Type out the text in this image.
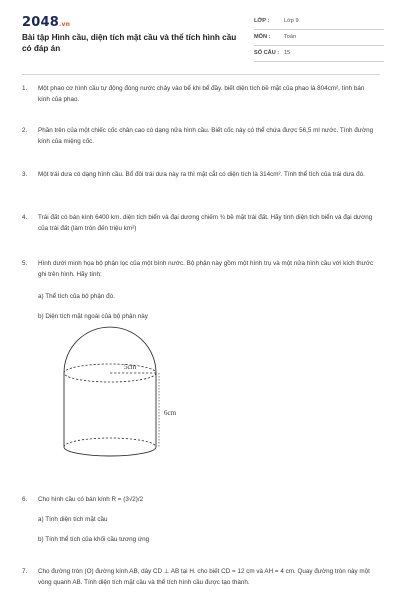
2048.vn
Bài tập Hình cầu, diện tích mặt cầu và thể tích hình cầu có đáp án
LỚP :	Lớp 9
MÔN : Toán
SỐ CÂU : 15
1. Một phao cơ hình cầu tự động đóng nước chảy vào bể khi bể đầy. biết diện tích bề mặt của phao là 804cm², tính bán kính của phao.
2. Phần trên của một chiếc cốc chân cao có dạng nửa hình cầu. Biết cốc này có thể chứa được 56,5 ml nước. Tính đường kính của miệng cốc.
3. Một trái dưa có dạng hình cầu. Bổ đôi trái dưa này ra thì mặt cắt có diện tích là 314cm². Tính thể tích của trái dưa đó.
4. Trái đất có bán kính 6400 km. diện tích biển và đại dương chiếm ¾ bề mặt trái đất. Hãy tính diện tích biển và đại dương của trái đất (làm tròn đến triệu km²)
5. Hình dưới minh họa bộ phận lọc của một bình nước. Bộ phận này gồm một hình trụ và một nửa hình cầu với kích thước ghi trên hình. Hãy tính:
a) Thể tích của bộ phận đó.
b) Diện tích mặt ngoài của bộ phận này
5cm
6cm
6. Cho hình cầu có bán kính R = (3√2)/2
a) Tính diện tích mặt cầu
b) Tính thể tích của khối cầu tương ứng
7. Cho đường tròn (O) đường kính AB, dây CD ⊥ AB tại H. cho biết CD = 12 cm và AH = 4 cm. Quay đường tròn này một vòng quanh AB. Tính diện tích mặt cầu và thể tích hình cầu được tạo thành.
